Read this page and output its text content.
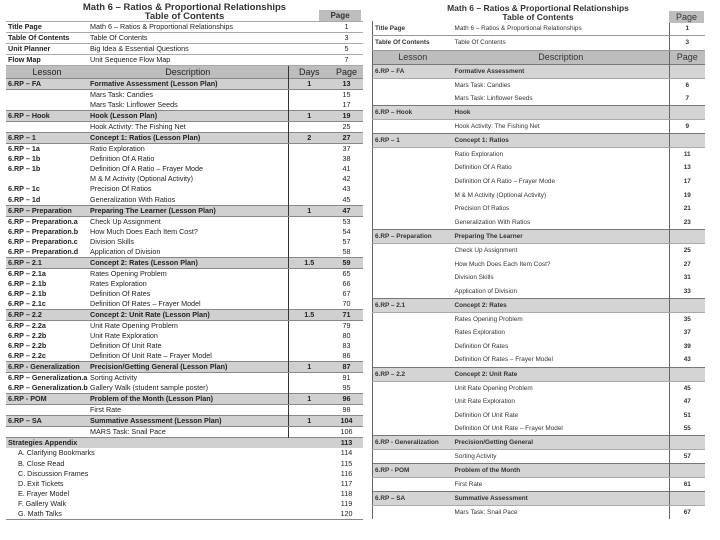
Math 6 – Ratios & Proportional Relationships
Table of Contents	Page
Title Page	Math 6 – Ratios & Proportional Relationships		1
Table Of Contents	Table Of Contents		3
Unit Planner	Big Idea & Essential Questions		5
Flow Map	Unit Sequence Flow Map		7
Lesson	Description	Days	Page
6.RP – FA	Formative Assessment (Lesson Plan)	1	13
	Mars Task: Candies		15
	Mars Task: Linflower Seeds		17
6.RP – Hook	Hook (Lesson Plan)	1	19
	Hook Activity: The Fishing Net		25
6.RP – 1	Concept 1: Ratios (Lesson Plan)	2	27
6.RP – 1a	Ratio Exploration		37
6.RP – 1b	Definition Of A Ratio		38
6.RP – 1b	Definition Of A Ratio – Frayer Mode		41
	M & M Activity (Optional Activity)		42
6.RP – 1c	Precision Of Ratios		43
6.RP – 1d	Generalization With Ratios		45
6.RP – Preparation	Preparing The Learner (Lesson Plan)	1	47
6.RP – Preparation.a	Check Up Assignment		53
6.RP – Preparation.b	How Much Does Each Item Cost?		54
6.RP – Preparation.c	Division Skills		57
6.RP – Preparation.d	Application of Division		58
6.RP – 2.1	Concept 2: Rates (Lesson Plan)	1.5	59
6.RP – 2.1a	Rates Opening Problem		65
6.RP – 2.1b	Rates Exploration		66
6.RP – 2.1b	Definition Of Rates		67
6.RP – 2.1c	Definition Of Rates – Frayer Model		70
6.RP – 2.2	Concept 2: Unit Rate (Lesson Plan)	1.5	71
6.RP – 2.2a	Unit Rate Opening Problem		79
6.RP – 2.2b	Unit Rate Exploration		80
6.RP – 2.2b	Definition Of Unit Rate		83
6.RP – 2.2c	Definition Of Unit Rate – Frayer Model		86
6.RP - Generalization	Precision/Getting General (Lesson Plan)	1	87
6.RP – Generalization.a	Sorting Activity		91
6.RP – Generalization.b	Gallery Walk (student sample poster)		95
6.RP - POM	Problem of the Month (Lesson Plan)	1	96
	First Rate		98
6.RP – SA	Summative Assessment (Lesson Plan)	1	104
	MARS Task: Snail Pace		106
Strategies Appendix			113
A. Clarifying Bookmarks			114
B. Close Read			115
C. Discussion Frames			116
D. Exit Tickets			117
E. Frayer Model			118
F. Gallery Walk			119
G. Math Talks			120
Math 6 – Ratios & Proportional Relationships
Table of Contents	Page
Title Page	Math 6 – Ratios & Proportional Relationships	1
Table Of Contents	Table Of Contents	3
Lesson	Description	Page
6.RP – FA	Formative Assessment	
	Mars Task: Candies	6
	Mars Task: Linflower Seeds	7
6.RP – Hook	Hook	
	Hook Activity: The Fishing Net	9
6.RP – 1	Concept 1: Ratios	
	Ratio Exploration	11
	Definition Of A Ratio	13
	Definition Of A Ratio – Frayer Mode	17
	M & M Activity (Optional Activity)	19
	Precision Of Ratios	21
	Generalization With Ratios	23
6.RP – Preparation	Preparing The Learner	
	Check Up Assignment	25
	How Much Does Each Item Cost?	27
	Division Skills	31
	Application of Division	33
6.RP – 2.1	Concept 2: Rates	
	Rates Opening Problem	35
	Rates Exploration	37
	Definition Of Rates	39
	Definition Of Rates – Frayer Model	43
6.RP – 2.2	Concept 2: Unit Rate	
	Unit Rate Opening Problem	45
	Unit Rate Exploration	47
	Definition Of Unit Rate	51
	Definition Of Unit Rate – Frayer Model	55
6.RP - Generalization	Precision/Getting General	
	Sorting Activity	57
6.RP - POM	Problem of the Month	
	First Rate	61
6.RP – SA	Summative Assessment	
	Mars Task: Snail Pace	67
